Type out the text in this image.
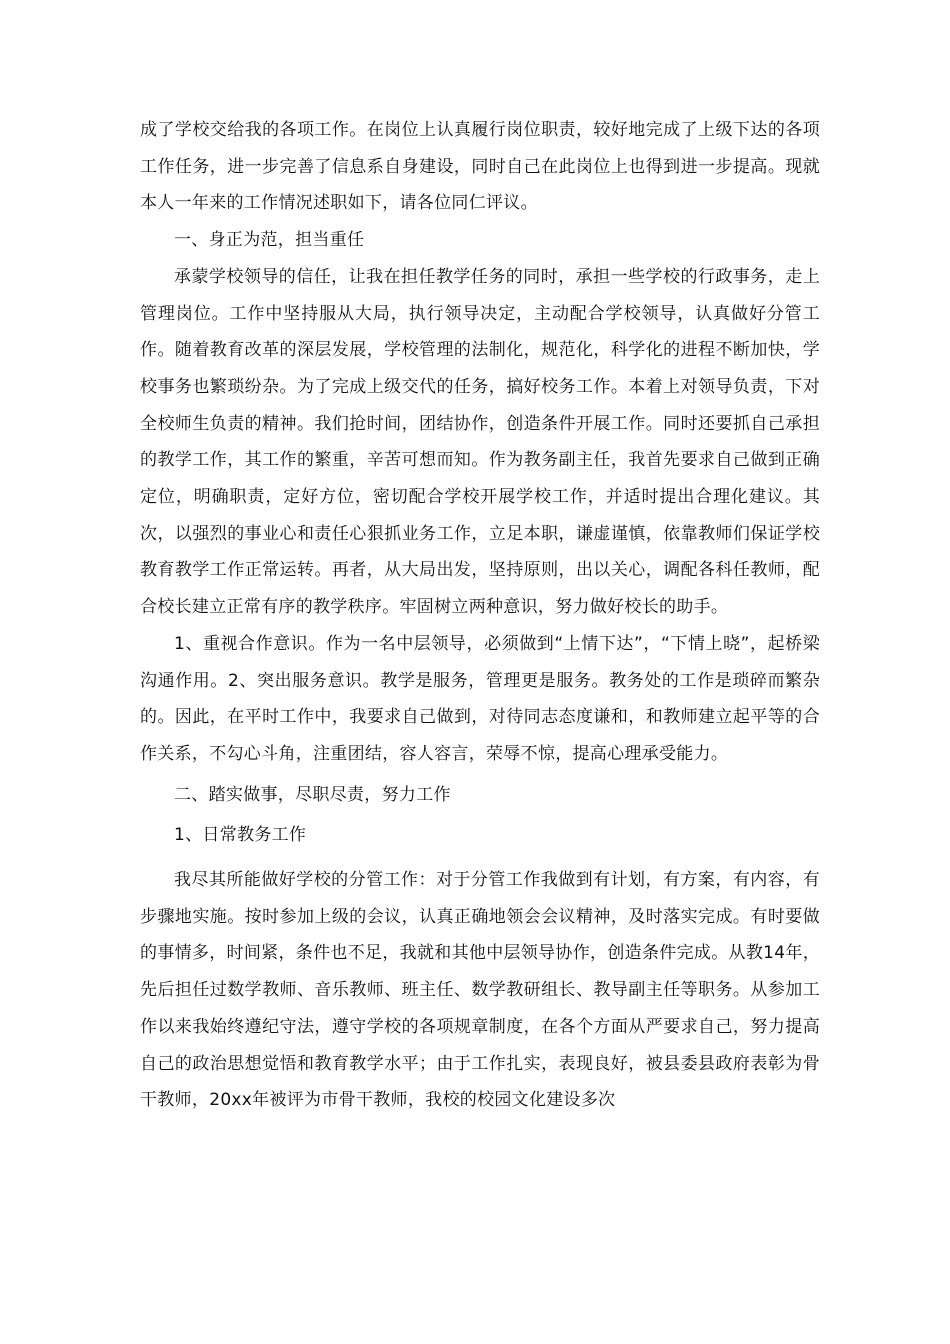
成了学校交给我的各项工作。在岗位上认真履行岗位职责，较好地完成了上级下达的各项工作任务，进一步完善了信息系自身建设，同时自己在此岗位上也得到进一步提高。现就本人一年来的工作情况述职如下，请各位同仁评议。

一、身正为范，担当重任

承蒙学校领导的信任，让我在担任教学任务的同时，承担一些学校的行政事务，走上管理岗位。工作中坚持服从大局，执行领导决定，主动配合学校领导，认真做好分管工作。随着教育改革的深层发展，学校管理的法制化，规范化，科学化的进程不断加快，学校事务也繁琐纷杂。为了完成上级交代的任务，搞好校务工作。本着上对领导负责，下对全校师生负责的精神。我们抢时间，团结协作，创造条件开展工作。同时还要抓自己承担的教学工作，其工作的繁重，辛苦可想而知。作为教务副主任，我首先要求自己做到正确定位，明确职责，定好方位，密切配合学校开展学校工作，并适时提出合理化建议。其次，以强烈的事业心和责任心狠抓业务工作，立足本职，谦虚谨慎，依靠教师们保证学校教育教学工作正常运转。再者，从大局出发，坚持原则，出以关心，调配各科任教师，配合校长建立正常有序的教学秩序。牢固树立两种意识，努力做好校长的助手。

1、重视合作意识。作为一名中层领导，必须做到“上情下达”，“下情上晓”，起桥梁沟通作用。2、突出服务意识。教学是服务，管理更是服务。教务处的工作是琐碎而繁杂的。因此，在平时工作中，我要求自己做到，对待同志态度谦和，和教师建立起平等的合作关系，不勾心斗角，注重团结，容人容言，荣辱不惊，提高心理承受能力。

二、踏实做事，尽职尽责，努力工作

1、日常教务工作

我尽其所能做好学校的分管工作：对于分管工作我做到有计划，有方案，有内容，有步骤地实施。按时参加上级的会议，认真正确地领会会议精神，及时落实完成。有时要做的事情多，时间紧，条件也不足，我就和其他中层领导协作，创造条件完成。从教14年，先后担任过数学教师、音乐教师、班主任、数学教研组长、教导副主任等职务。从参加工作以来我始终遵纪守法，遵守学校的各项规章制度，在各个方面从严要求自己，努力提高自己的政治思想觉悟和教育教学水平；由于工作扎实，表现良好，被县委县政府表彰为骨干教师，20xx年被评为市骨干教师，我校的校园文化建设多次
